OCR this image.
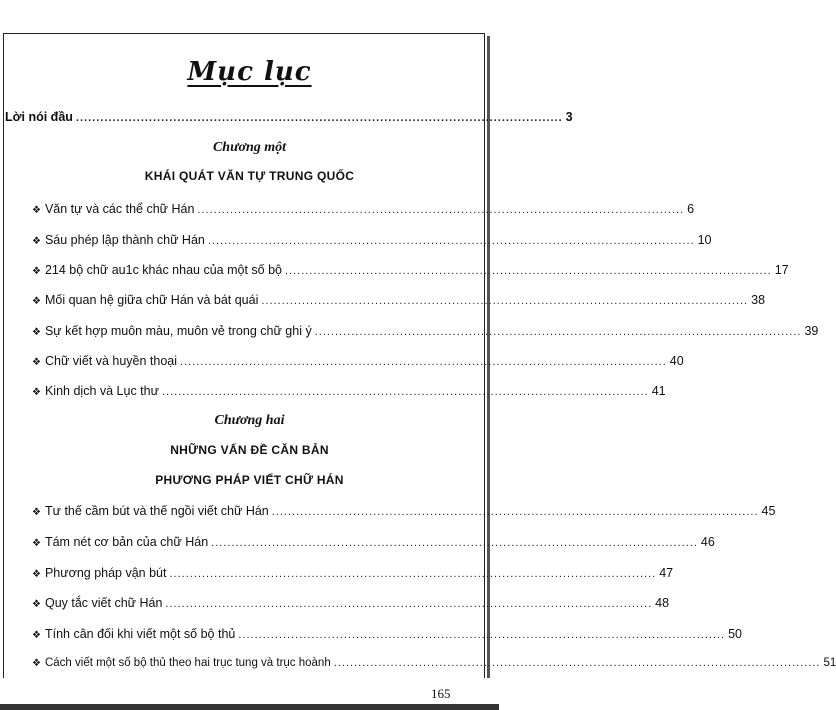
Mục lục
Lời nói đầu ........................................................................................................................ 3
Chương một
KHÁI QUÁT VĂN TỰ TRUNG QUỐC
❖ Văn tự và các thể chữ Hán ........................................................................................................................ 6
❖ Sáu phép lập thành chữ Hán ........................................................................................................................ 10
❖ 214 bộ chữ au1c khác nhau của một số bộ ........................................................................................................................ 17
❖ Mối quan hệ giữa chữ Hán và bát quái ........................................................................................................................ 38
❖ Sự kết hợp muôn màu, muôn vẻ trong chữ ghi ý ........................................................................................................................ 39
❖ Chữ viết và huyền thoại ........................................................................................................................ 40
❖ Kinh dịch và Lục thư ........................................................................................................................ 41
Chương hai
NHỮNG VẤN ĐỀ CĂN BẢN
PHƯƠNG PHÁP VIẾT CHỮ HÁN
❖ Tư thế cầm bút và thế ngồi viết chữ Hán ........................................................................................................................ 45
❖ Tám nét cơ bản của chữ Hán ........................................................................................................................ 46
❖ Phương pháp vận bút ........................................................................................................................ 47
❖ Quy tắc viết chữ Hán ........................................................................................................................ 48
❖ Tính cân đối khi viết một số bộ thủ ........................................................................................................................ 50
❖ Cách viết một số bộ thủ theo hai trục tung và trục hoành ........................................................................................................................ 51
165
